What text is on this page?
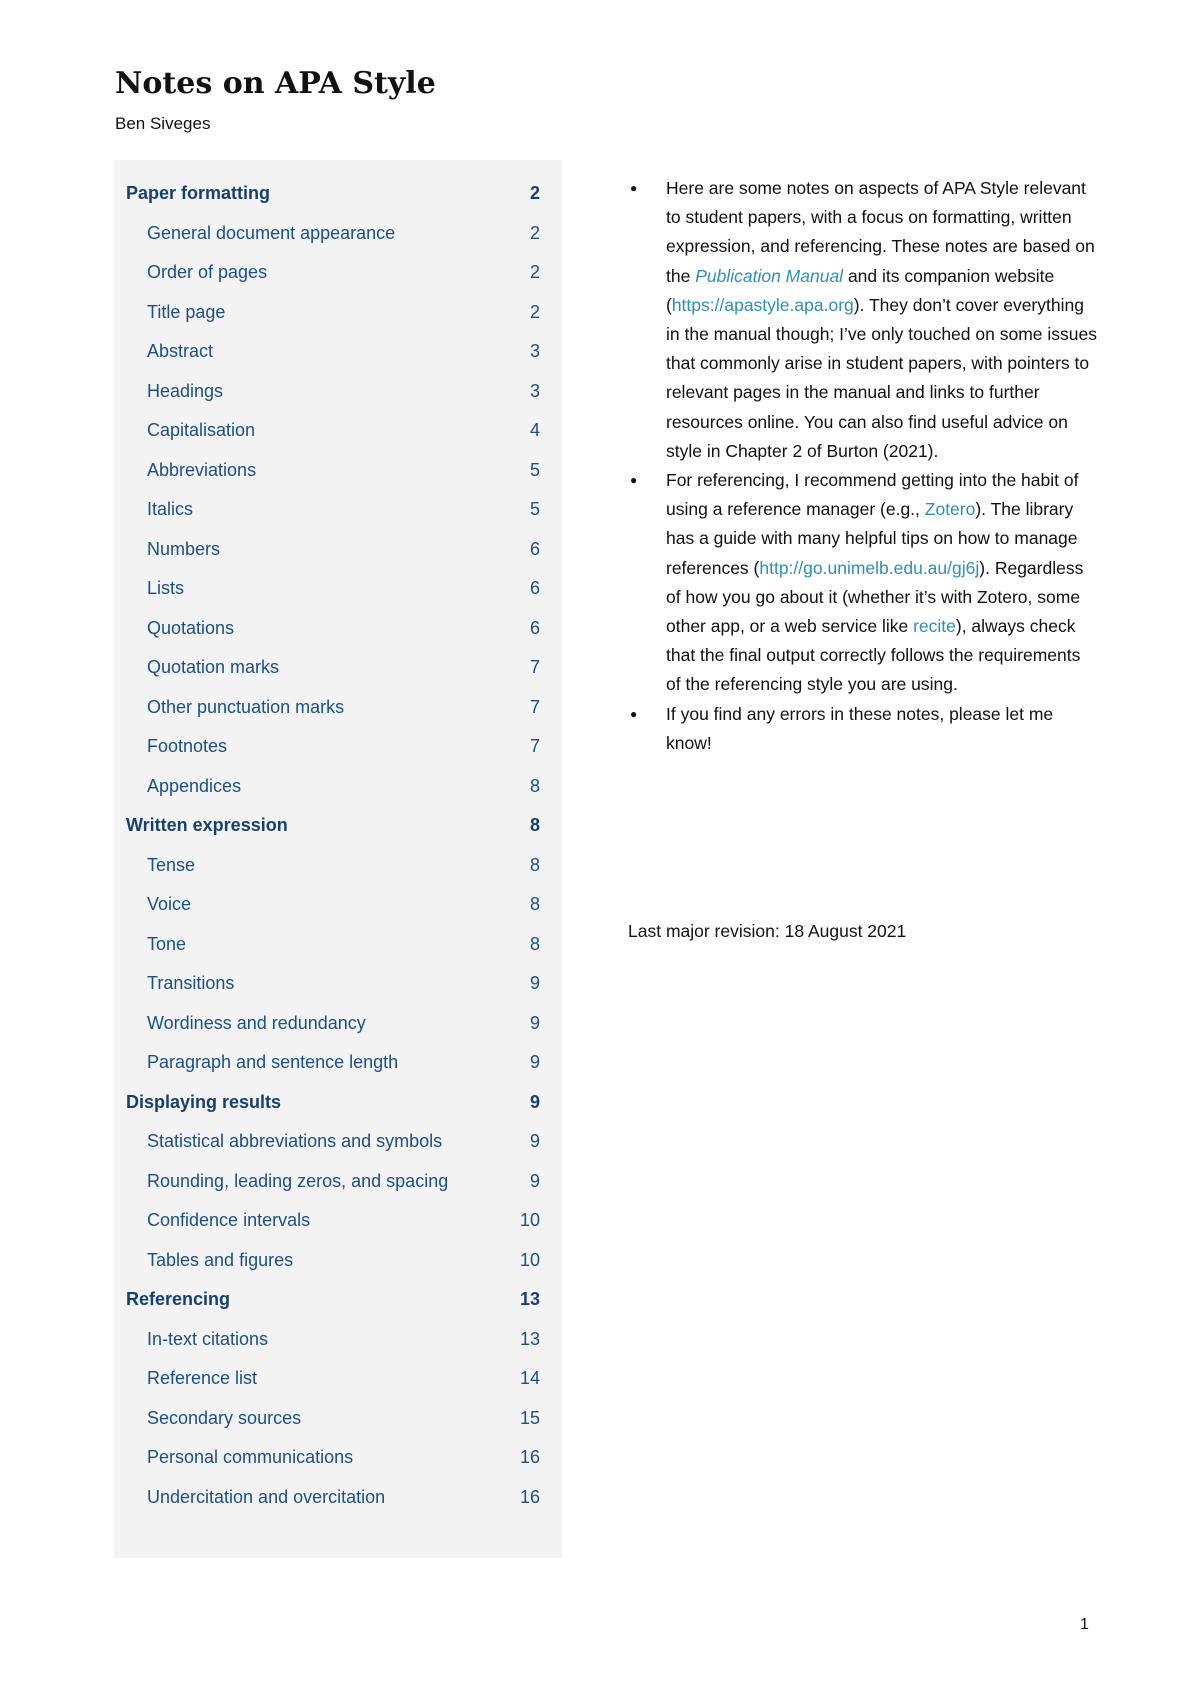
Notes on APA Style
Ben Siveges
Paper formatting	2
General document appearance	2
Order of pages	2
Title page	2
Abstract	3
Headings	3
Capitalisation	4
Abbreviations	5
Italics	5
Numbers	6
Lists	6
Quotations	6
Quotation marks	7
Other punctuation marks	7
Footnotes	7
Appendices	8
Written expression	8
Tense	8
Voice	8
Tone	8
Transitions	9
Wordiness and redundancy	9
Paragraph and sentence length	9
Displaying results	9
Statistical abbreviations and symbols	9
Rounding, leading zeros, and spacing	9
Confidence intervals	10
Tables and figures	10
Referencing	13
In-text citations	13
Reference list	14
Secondary sources	15
Personal communications	16
Undercitation and overcitation	16
● Here are some notes on aspects of APA Style relevant to student papers, with a focus on formatting, written expression, and referencing. These notes are based on the Publication Manual and its companion website (https://apastyle.apa.org). They don’t cover everything in the manual though; I’ve only touched on some issues that commonly arise in student papers, with pointers to relevant pages in the manual and links to further resources online. You can also find useful advice on style in Chapter 2 of Burton (2021).
● For referencing, I recommend getting into the habit of using a reference manager (e.g., Zotero). The library has a guide with many helpful tips on how to manage references (http://go.unimelb.edu.au/gj6j). Regardless of how you go about it (whether it’s with Zotero, some other app, or a web service like recite), always check that the final output correctly follows the requirements of the referencing style you are using.
● If you find any errors in these notes, please let me know!
Last major revision: 18 August 2021
1
